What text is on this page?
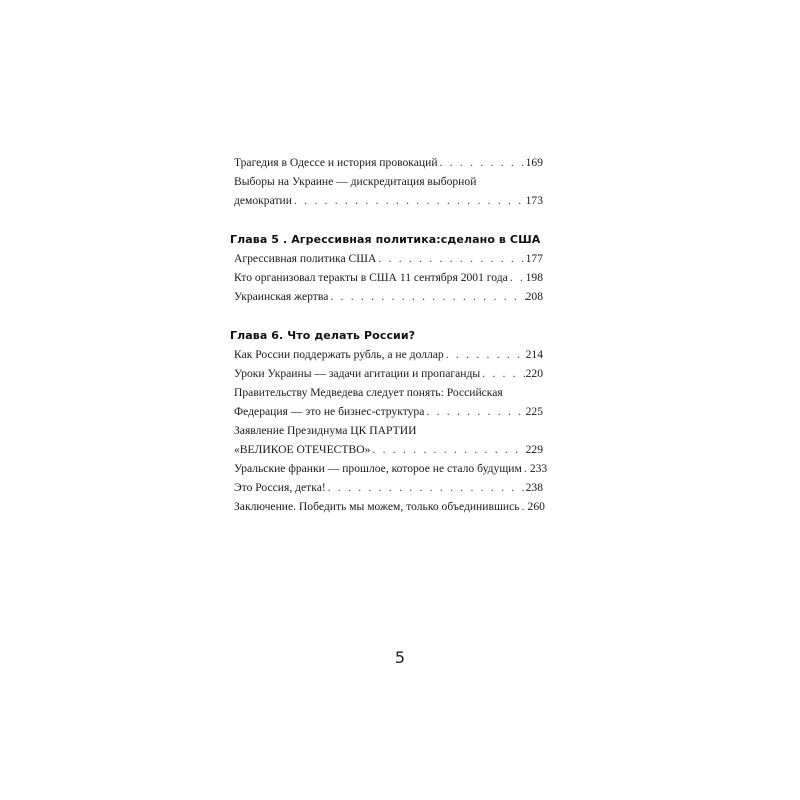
Трагедия в Одессе и история провокаций . . .	169
Выборы на Украине — дискредитация выборной
демократии . . .	173
Глава 5 . Агрессивная политика:сделано в США
Агрессивная политика США . . .	177
Кто организовал теракты в США 11 сентября 2001 года . . . 198
Украинская жертва . . .	208
Глава 6. Что делать России?
Как России поддержать рубль, а не доллар . . .	214
Уроки Украины — задачи агитации и пропаганды . . .	220
Правительству Медведева следует понять: Российская
Федерация — это не бизнес-структура . . .	225
Заявление Президнума ЦК ПАРТИИ
«ВЕЛИКОЕ ОТЕЧЕСТВО» . . .	229
Уральские франки — прошлое, которое не стало будущим . . . 233
Это Россия, детка! . . .	238
Заключение. Победить мы можем, только объединившись . . . 260
5
